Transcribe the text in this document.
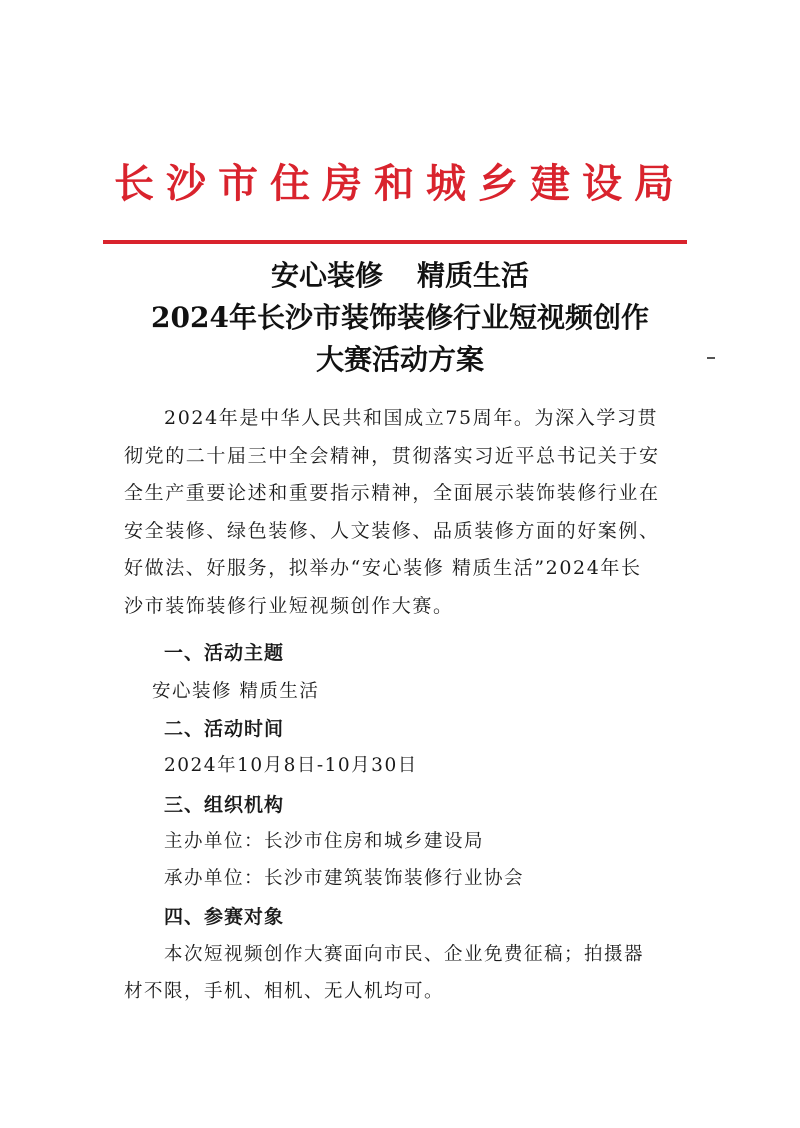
长沙市住房和城乡建设局
安心装修 精质生活
2024年长沙市装饰装修行业短视频创作
大赛活动方案
2024年是中华人民共和国成立75周年。为深入学习贯
彻党的二十届三中全会精神，贯彻落实习近平总书记关于安
全生产重要论述和重要指示精神，全面展示装饰装修行业在
安全装修、绿色装修、人文装修、品质装修方面的好案例、
好做法、好服务，拟举办“安心装修 精质生活”2024年长
沙市装饰装修行业短视频创作大赛。
一、活动主题
安心装修 精质生活
二、活动时间
2024年10月8日-10月30日
三、组织机构
主办单位：长沙市住房和城乡建设局
承办单位：长沙市建筑装饰装修行业协会
四、参赛对象
本次短视频创作大赛面向市民、企业免费征稿；拍摄器
材不限，手机、相机、无人机均可。
